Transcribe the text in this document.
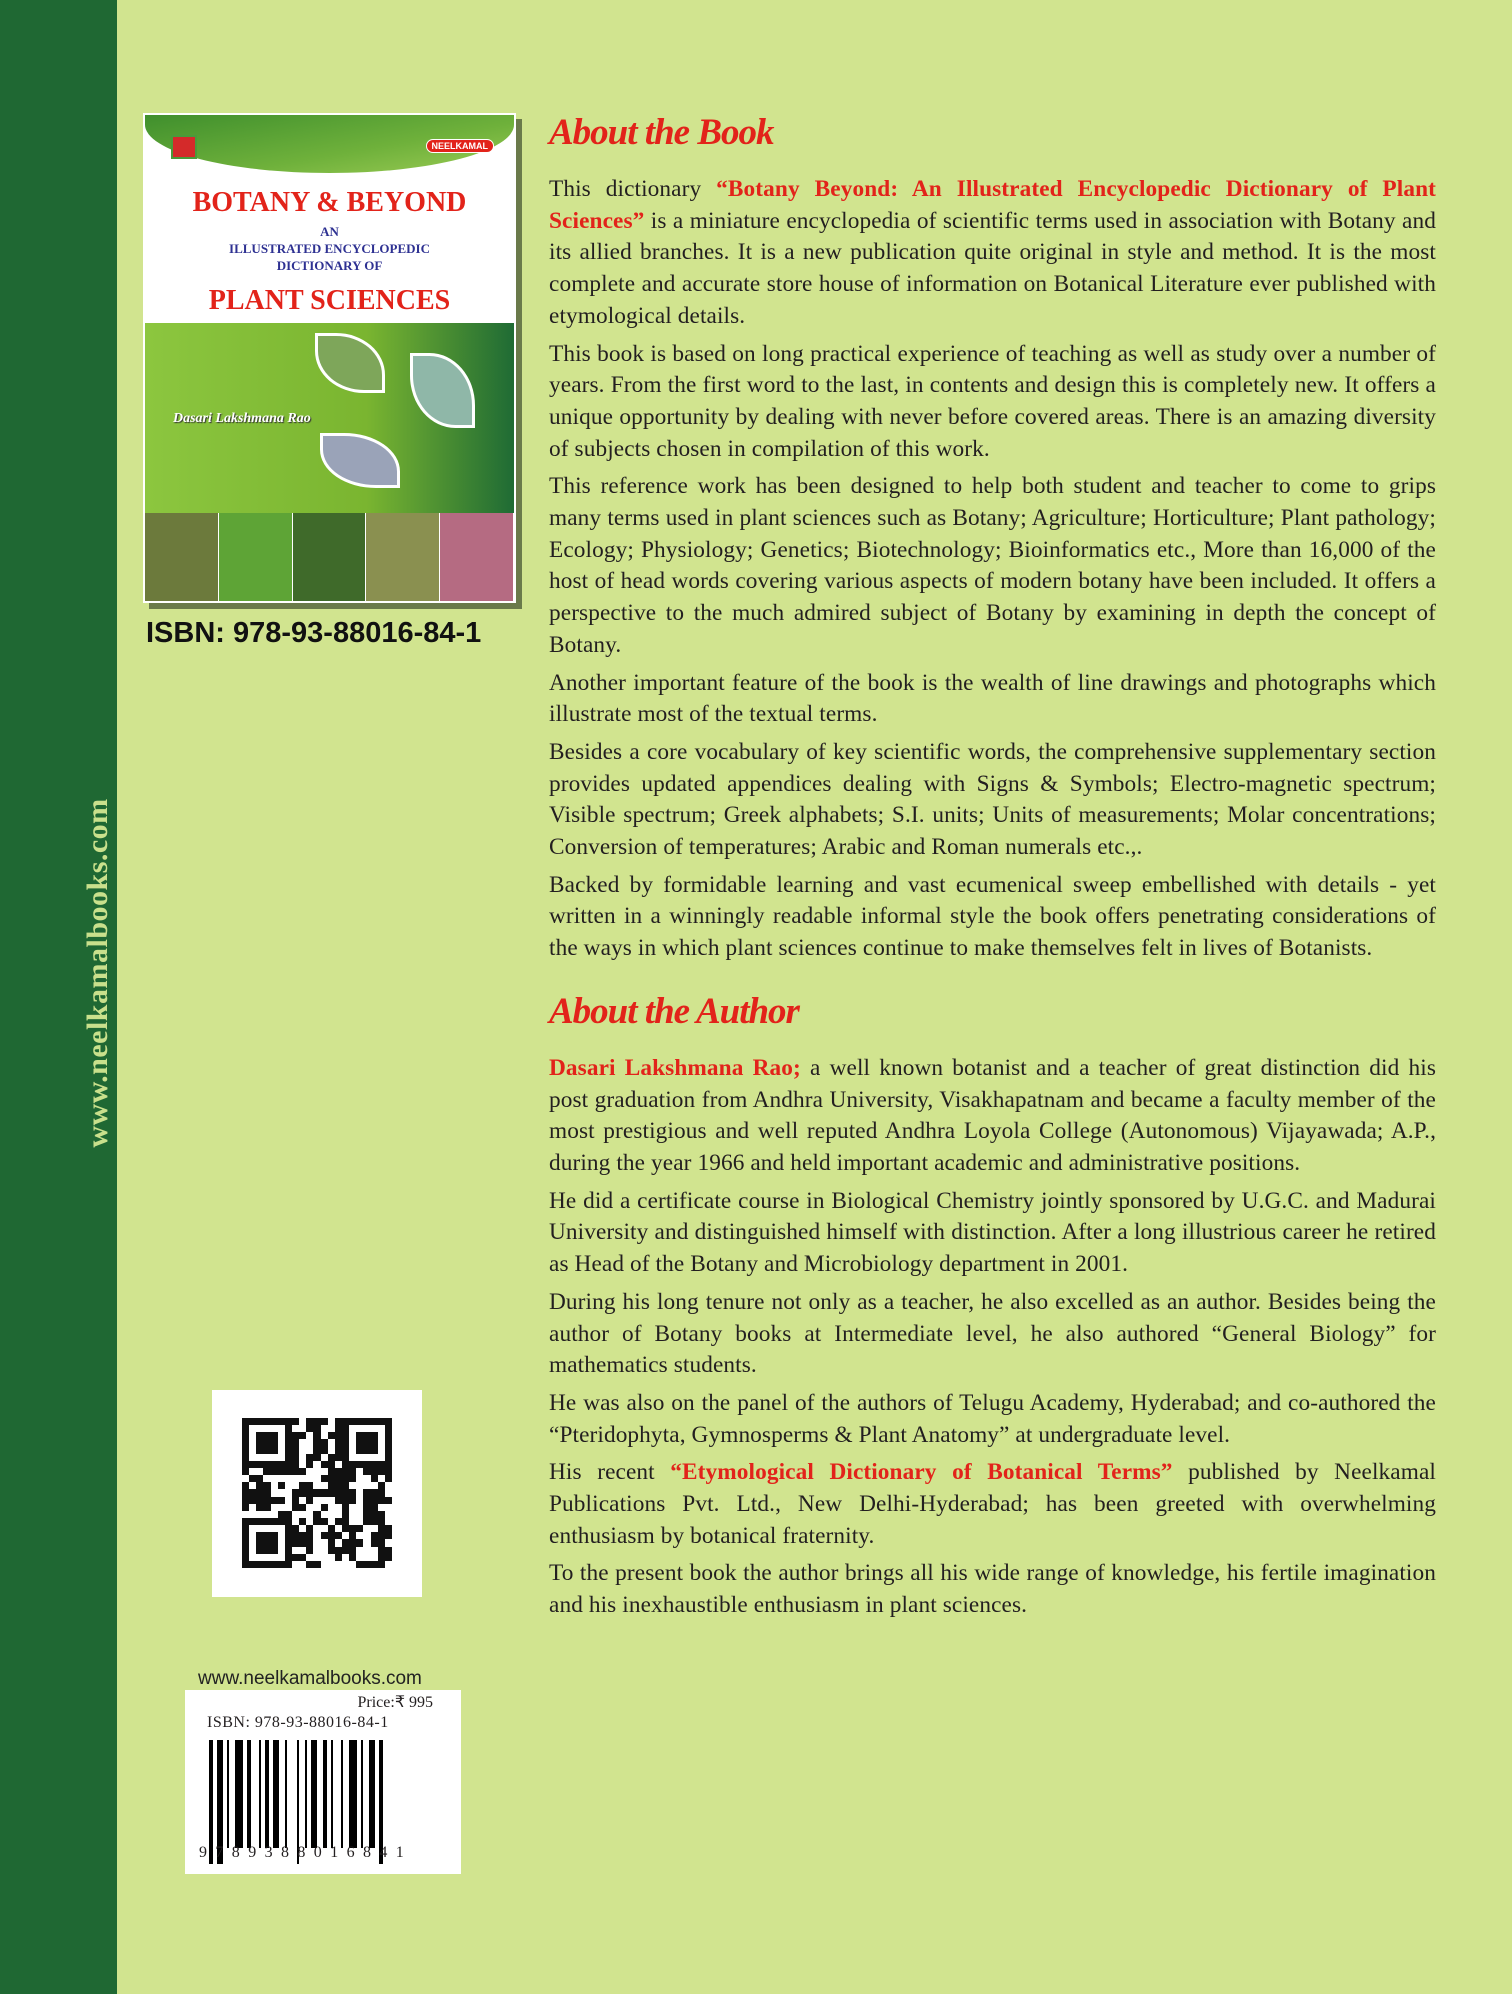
www.neelkamalbooks.com
NEELKAMAL
BOTANY & BEYOND
AN
ILLUSTRATED ENCYCLOPEDIC
DICTIONARY OF
PLANT SCIENCES
Dasari Lakshmana Rao
ISBN: 978-93-88016-84-1
www.neelkamalbooks.com
Price:₹ 995
ISBN: 978-93-88016-84-1
9789388016841
About the Book

This dictionary “Botany Beyond: An Illustrated Encyclopedic Dictionary of Plant Sciences” is a miniature encyclopedia of scientific terms used in association with Botany and its allied branches. It is a new publication quite original in style and method. It is the most complete and accurate store house of information on Botanical Literature ever published with etymological details.

This book is based on long practical experience of teaching as well as study over a number of years. From the first word to the last, in contents and design this is completely new. It offers a unique opportunity by dealing with never before covered areas. There is an amazing diversity of subjects chosen in compilation of this work.

This reference work has been designed to help both student and teacher to come to grips many terms used in plant sciences such as Botany; Agriculture; Horticulture; Plant pathology; Ecology; Physiology; Genetics; Biotechnology; Bioinformatics etc., More than 16,000 of the host of head words covering various aspects of modern botany have been included. It offers a perspective to the much admired subject of Botany by examining in depth the concept of Botany.

Another important feature of the book is the wealth of line drawings and photographs which illustrate most of the textual terms.

Besides a core vocabulary of key scientific words, the comprehensive supplementary section provides updated appendices dealing with Signs & Symbols; Electro-magnetic spectrum; Visible spectrum; Greek alphabets; S.I. units; Units of measurements; Molar concentrations; Conversion of temperatures; Arabic and Roman numerals etc.,.

Backed by formidable learning and vast ecumenical sweep embellished with details - yet written in a winningly readable informal style the book offers penetrating considerations of the ways in which plant sciences continue to make themselves felt in lives of Botanists.

About the Author

Dasari Lakshmana Rao; a well known botanist and a teacher of great distinction did his post graduation from Andhra University, Visakhapatnam and became a faculty member of the most prestigious and well reputed Andhra Loyola College (Autonomous) Vijayawada; A.P., during the year 1966 and held important academic and administrative positions.

He did a certificate course in Biological Chemistry jointly sponsored by U.G.C. and Madurai University and distinguished himself with distinction. After a long illustrious career he retired as Head of the Botany and Microbiology department in 2001.

During his long tenure not only as a teacher, he also excelled as an author. Besides being the author of Botany books at Intermediate level, he also authored “General Biology” for mathematics students.

He was also on the panel of the authors of Telugu Academy, Hyderabad; and co-authored the “Pteridophyta, Gymnosperms & Plant Anatomy” at undergraduate level.

His recent “Etymological Dictionary of Botanical Terms” published by Neelkamal Publications Pvt. Ltd., New Delhi-Hyderabad; has been greeted with overwhelming enthusiasm by botanical fraternity.

To the present book the author brings all his wide range of knowledge, his fertile imagination and his inexhaustible enthusiasm in plant sciences.
